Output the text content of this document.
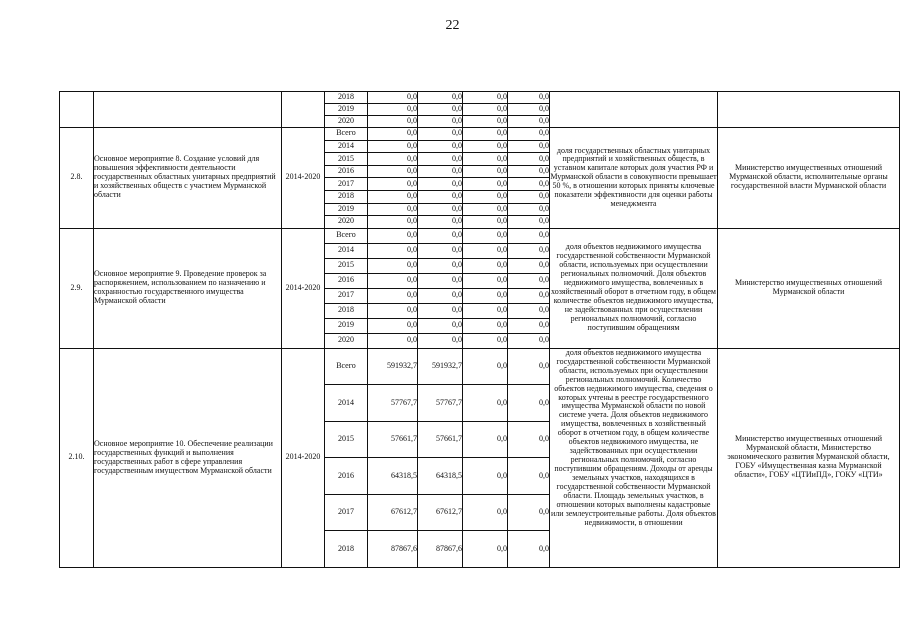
22
			2018	0,0	0,0	0,0	0,0		
			2019	0,0	0,0	0,0	0,0		
			2020	0,0	0,0	0,0	0,0		
2.8.	Основное мероприятие 8. Создание условий для повышения эффективности деятельности государственных областных унитарных предприятий и хозяйственных обществ с участием Мурманской области	2014-2020	Всего	0,0	0,0	0,0	0,0	доля государственных областных унитарных предприятий и хозяйственных обществ, в уставном капитале которых доля участия РФ и Мурманской области в совокупности превышает 50 %, в отношении которых приняты ключевые показатели эффективности для оценки работы менеджмента	Министерство имущественных отношений Мурманской области, исполнительные органы государственной власти Мурманской области
			2014	0,0	0,0	0,0	0,0		
			2015	0,0	0,0	0,0	0,0		
			2016	0,0	0,0	0,0	0,0		
			2017	0,0	0,0	0,0	0,0		
			2018	0,0	0,0	0,0	0,0		
			2019	0,0	0,0	0,0	0,0		
			2020	0,0	0,0	0,0	0,0		
2.9.	Основное мероприятие 9. Проведение проверок за распоряжением, использованием по назначению и сохранностью государственного имущества Мурманской области	2014-2020	Всего	0,0	0,0	0,0	0,0	доля объектов недвижимого имущества государственной собственности Мурманской области, используемых при осуществлении региональных полномочий. Доля объектов недвижимого имущества, вовлеченных в хозяйственный оборот в отчетном году, в общем количестве объектов недвижимого имущества, не задействованных при осуществлении региональных полномочий, согласно поступившим обращениям	Министерство имущественных отношений Мурманской области
			2014	0,0	0,0	0,0	0,0		
			2015	0,0	0,0	0,0	0,0		
			2016	0,0	0,0	0,0	0,0		
			2017	0,0	0,0	0,0	0,0		
			2018	0,0	0,0	0,0	0,0		
			2019	0,0	0,0	0,0	0,0		
			2020	0,0	0,0	0,0	0,0		
2.10.	Основное мероприятие 10. Обеспечение реализации государственных функций и выполнения государственных работ в сфере управления государственным имуществом Мурманской области	2014-2020	Всего	591932,7	591932,7	0,0	0,0	доля объектов недвижимого имущества государственной собственности Мурманской области, используемых при осуществлении региональных полномочий. Количество объектов недвижимого имущества, сведения о которых учтены в реестре государственного имущества Мурманской области по новой системе учета. Доля объектов недвижимого имущества, вовлеченных в хозяйственный оборот в отчетном году, в общем количестве объектов недвижимого имущества, не задействованных при осуществлении региональных полномочий, согласно поступившим обращениям. Доходы от аренды земельных участков, находящихся в государственной собственности Мурманской области. Площадь земельных участков, в отношении которых выполнены кадастровые или землеустроительные работы. Доля объектов недвижимости, в отношении	Министерство имущественных отношений Мурманской области, Министерство экономического развития Мурманской области, ГОБУ «Имущественная казна Мурманской области», ГОБУ «ЦТИиПД», ГОКУ «ЦТИ»
			2014	57767,7	57767,7	0,0	0,0		
			2015	57661,7	57661,7	0,0	0,0		
			2016	64318,5	64318,5	0,0	0,0		
			2017	67612,7	67612,7	0,0	0,0		
			2018	87867,6	87867,6	0,0	0,0		
